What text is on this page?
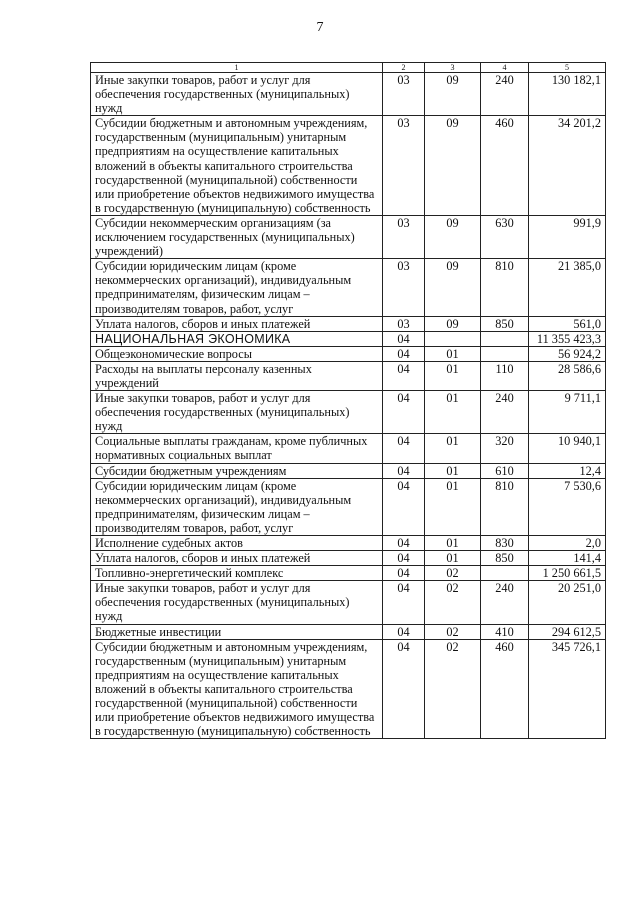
7
1	2	3	4	5
Иные закупки товаров, работ и услуг для обеспечения государственных (муниципальных) нужд	03	09	240	130 182,1
Субсидии бюджетным и автономным учреждениям, государственным (муниципальным) унитарным предприятиям на осуществление капитальных вложений в объекты капитального строительства государственной (муниципальной) собственности или приобретение объектов недвижимого имущества в государственную (муниципальную) собственность	03	09	460	34 201,2
Субсидии некоммерческим организациям (за исключением государственных (муниципальных) учреждений)	03	09	630	991,9
Субсидии юридическим лицам (кроме некоммерческих организаций), индивидуальным предпринимателям, физическим лицам – производителям товаров, работ, услуг	03	09	810	21 385,0
Уплата налогов, сборов и иных платежей	03	09	850	561,0
НАЦИОНАЛЬНАЯ ЭКОНОМИКА	04			11 355 423,3
Общеэкономические вопросы	04	01		56 924,2
Расходы на выплаты персоналу казенных учреждений	04	01	110	28 586,6
Иные закупки товаров, работ и услуг для обеспечения государственных (муниципальных) нужд	04	01	240	9 711,1
Социальные выплаты гражданам, кроме публичных нормативных социальных выплат	04	01	320	10 940,1
Субсидии бюджетным учреждениям	04	01	610	12,4
Субсидии юридическим лицам (кроме некоммерческих организаций), индивидуальным предпринимателям, физическим лицам – производителям товаров, работ, услуг	04	01	810	7 530,6
Исполнение судебных актов	04	01	830	2,0
Уплата налогов, сборов и иных платежей	04	01	850	141,4
Топливно-энергетический комплекс	04	02		1 250 661,5
Иные закупки товаров, работ и услуг для обеспечения государственных (муниципальных) нужд	04	02	240	20 251,0
Бюджетные инвестиции	04	02	410	294 612,5
Субсидии бюджетным и автономным учреждениям, государственным (муниципальным) унитарным предприятиям на осуществление капитальных вложений в объекты капитального строительства государственной (муниципальной) собственности или приобретение объектов недвижимого имущества в государственную (муниципальную) собственность	04	02	460	345 726,1
